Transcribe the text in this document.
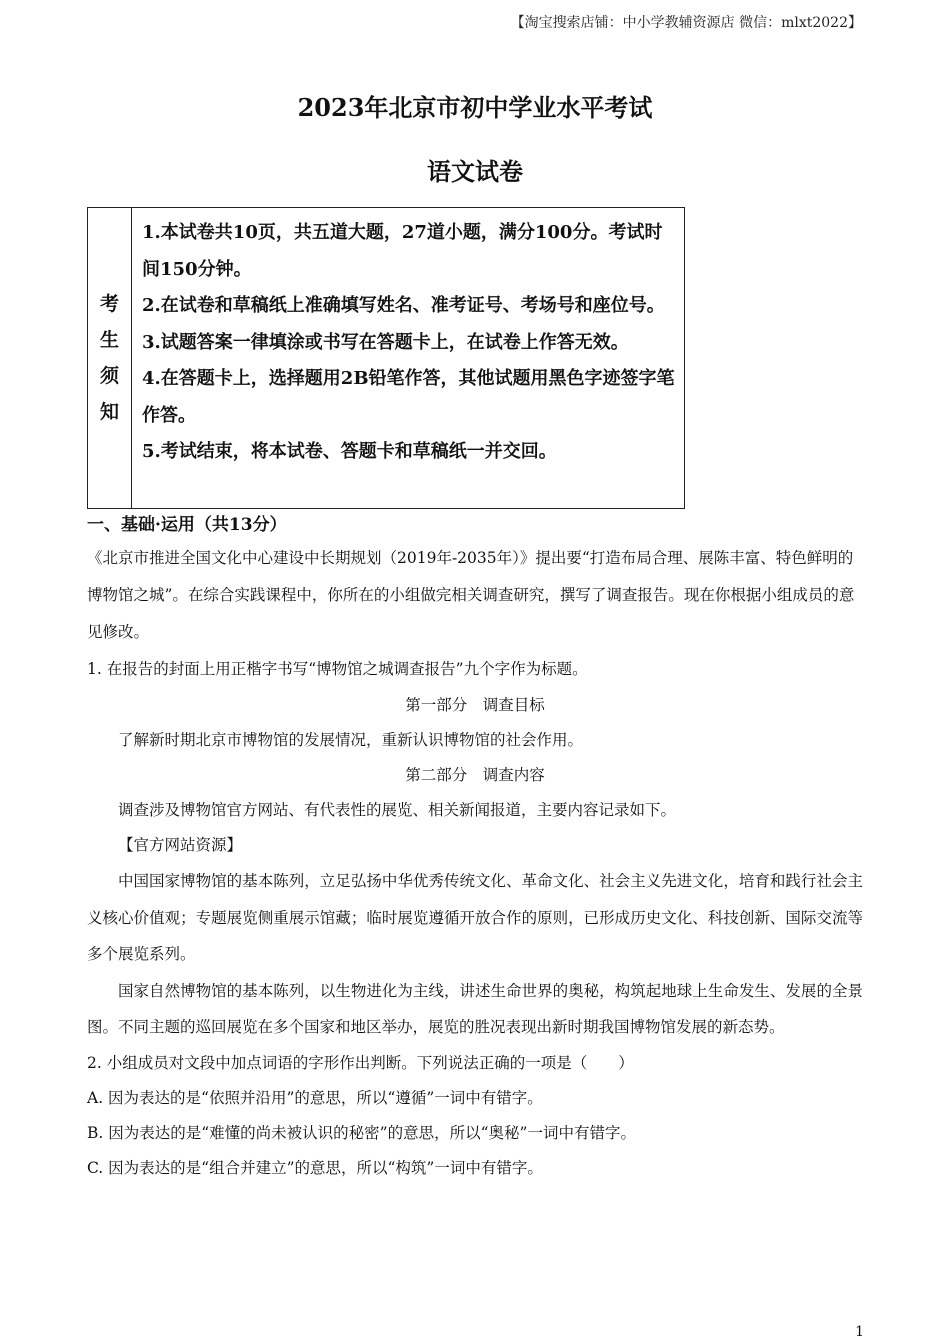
【淘宝搜索店铺：中小学教辅资源店 微信：mlxt2022】
2023年北京市初中学业水平考试
语文试卷
考
生
须
知

1.本试卷共10页，共五道大题，27道小题，满分100分。考试时间150分钟。

2.在试卷和草稿纸上准确填写姓名、准考证号、考场号和座位号。

3.试题答案一律填涂或书写在答题卡上，在试卷上作答无效。

4.在答题卡上，选择题用2B铅笔作答，其他试题用黑色字迹签字笔作答。

5.考试结束，将本试卷、答题卡和草稿纸一并交回。

一、基础·运用（共13分）

《北京市推进全国文化中心建设中长期规划（2019年-2035年）》提出要“打造布局合理、展陈丰富、特色鲜明的博物馆之城”。在综合实践课程中，你所在的小组做完相关调查研究，撰写了调查报告。现在你根据小组成员的意见修改。

1. 在报告的封面上用正楷字书写“博物馆之城调查报告”九个字作为标题。

第一部分　调查目标

了解新时期北京市博物馆的发展情况，重新认识博物馆的社会作用。

第二部分　调查内容

调查涉及博物馆官方网站、有代表性的展览、相关新闻报道，主要内容记录如下。

【官方网站资源】

中国国家博物馆的基本陈列，立足弘扬中华优秀传统文化、革命文化、社会主义先进文化，培育和践行社会主义核心价值观；专题展览侧重展示馆藏；临时展览遵循开放合作的原则，已形成历史文化、科技创新、国际交流等多个展览系列。

国家自然博物馆的基本陈列，以生物进化为主线，讲述生命世界的奥秘，构筑起地球上生命发生、发展的全景图。不同主题的巡回展览在多个国家和地区举办，展览的胜况表现出新时期我国博物馆发展的新态势。

2. 小组成员对文段中加点词语的字形作出判断。下列说法正确的一项是（　　）

A. 因为表达的是“依照并沿用”的意思，所以“遵循”一词中有错字。

B. 因为表达的是“难懂的尚未被认识的秘密”的意思，所以“奥秘”一词中有错字。

C. 因为表达的是“组合并建立”的意思，所以“构筑”一词中有错字。

1
